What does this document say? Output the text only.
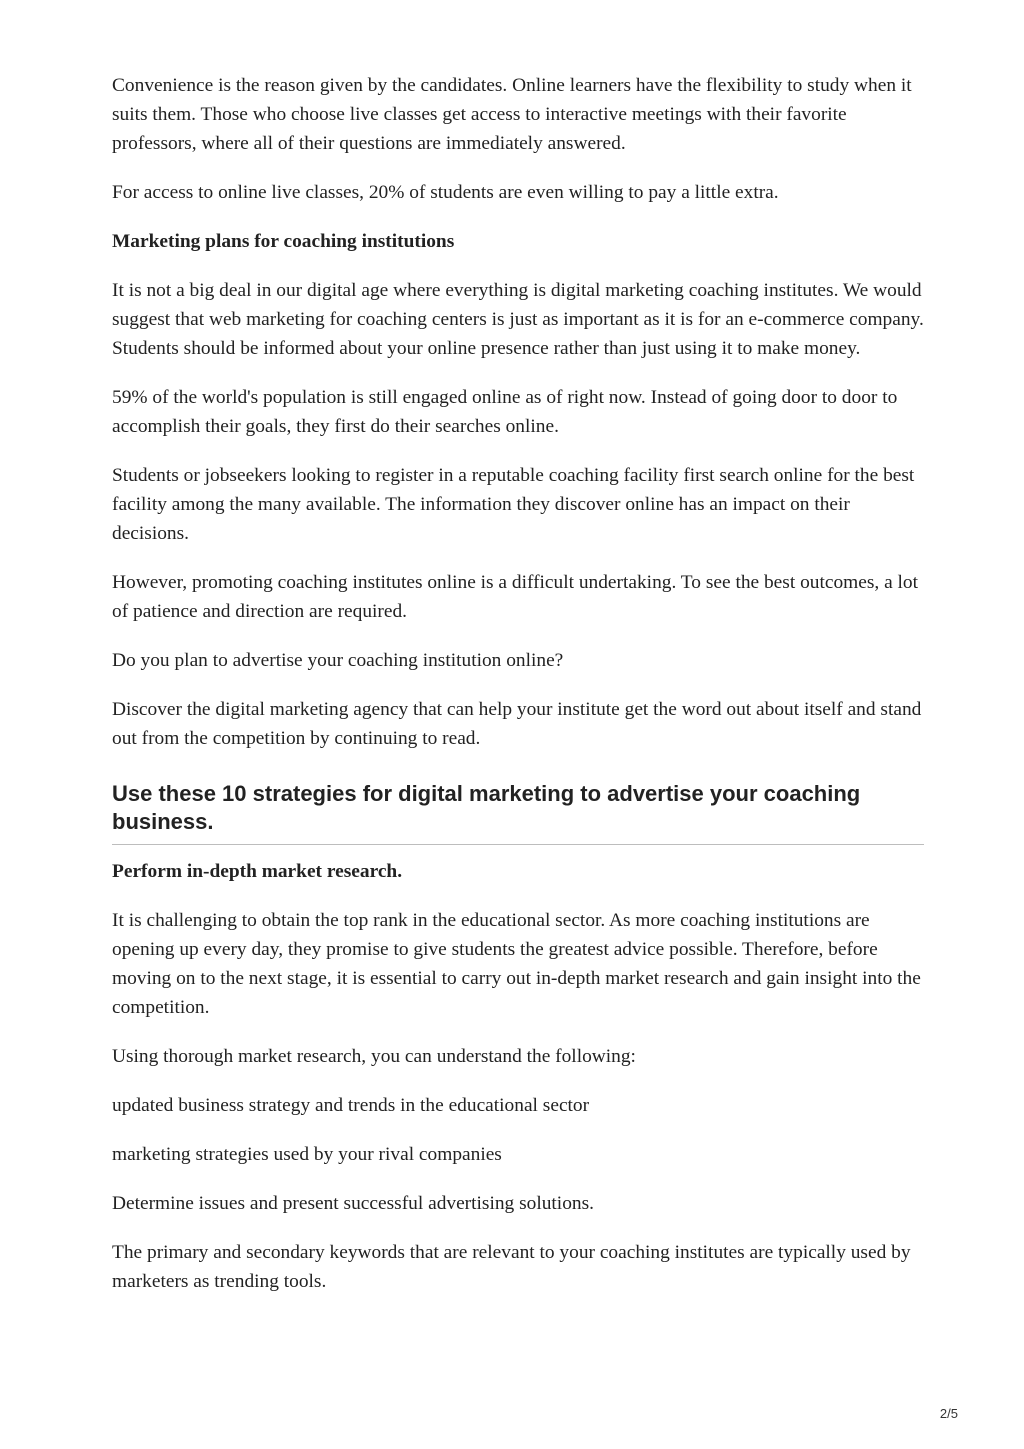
Convenience is the reason given by the candidates. Online learners have the flexibility to study when it suits them. Those who choose live classes get access to interactive meetings with their favorite professors, where all of their questions are immediately answered.

For access to online live classes, 20% of students are even willing to pay a little extra.

Marketing plans for coaching institutions

It is not a big deal in our digital age where everything is digital marketing coaching institutes. We would suggest that web marketing for coaching centers is just as important as it is for an e-commerce company. Students should be informed about your online presence rather than just using it to make money.

59% of the world's population is still engaged online as of right now. Instead of going door to door to accomplish their goals, they first do their searches online.

Students or jobseekers looking to register in a reputable coaching facility first search online for the best facility among the many available. The information they discover online has an impact on their decisions.

However, promoting coaching institutes online is a difficult undertaking. To see the best outcomes, a lot of patience and direction are required.

Do you plan to advertise your coaching institution online?

Discover the digital marketing agency that can help your institute get the word out about itself and stand out from the competition by continuing to read.

Use these 10 strategies for digital marketing to advertise your coaching business.

Perform in-depth market research.

It is challenging to obtain the top rank in the educational sector. As more coaching institutions are opening up every day, they promise to give students the greatest advice possible. Therefore, before moving on to the next stage, it is essential to carry out in-depth market research and gain insight into the competition.

Using thorough market research, you can understand the following:

updated business strategy and trends in the educational sector

marketing strategies used by your rival companies

Determine issues and present successful advertising solutions.

The primary and secondary keywords that are relevant to your coaching institutes are typically used by marketers as trending tools.

2/5
